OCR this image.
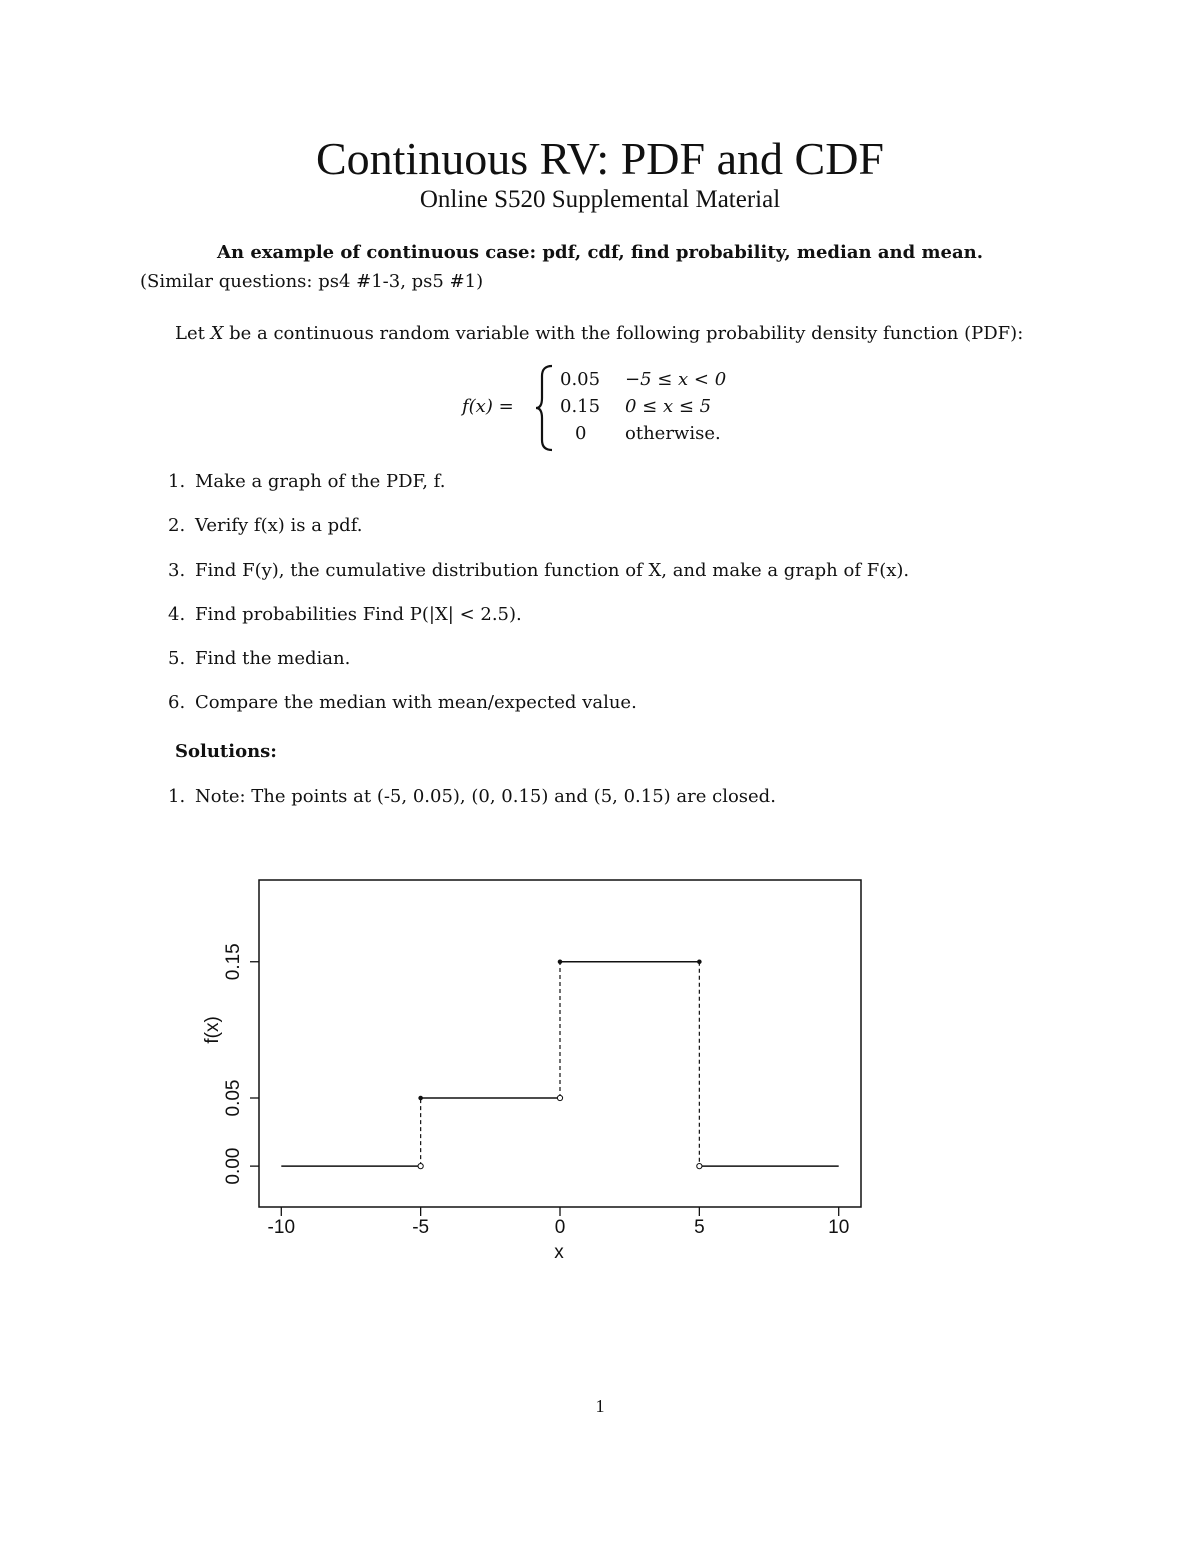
Continuous RV: PDF and CDF
Online S520 Supplemental Material
An example of continuous case: pdf, cdf, find probability, median and mean.
(Similar questions: ps4 #1-3, ps5 #1)
Let X be a continuous random variable with the following probability density function (PDF):
f(x) =
0.05 −5 ≤ x < 0
0.15 0 ≤ x ≤ 5
0 otherwise.
1. Make a graph of the PDF, f.
2. Verify f(x) is a pdf.
3. Find F(y), the cumulative distribution function of X, and make a graph of F(x).
4. Find probabilities Find P(|X| < 2.5).
5. Find the median.
6. Compare the median with mean/expected value.
Solutions:
1. Note: The points at (-5, 0.05), (0, 0.15) and (5, 0.15) are closed.
-10	-5	0	5	10
x
0.00
0.05
0.15
f(x)
1
